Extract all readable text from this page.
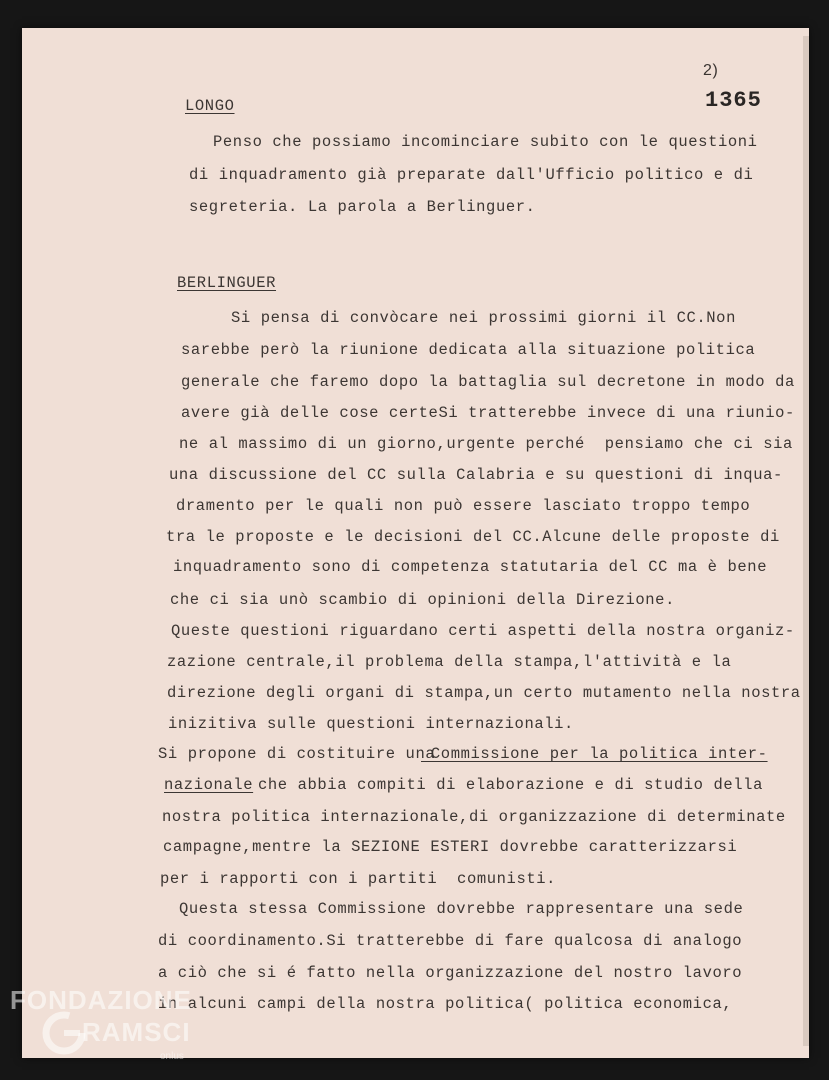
2)
1365
LONGO
Penso che possiamo incominciare subito con le questioni
di inquadramento già preparate dall'Ufficio politico e di
segreteria. La parola a Berlinguer.
BERLINGUER
Si pensa di convòcare nei prossimi giorni il CC.Non
sarebbe però la riunione dedicata alla situazione politica
generale che faremo dopo la battaglia sul decretone in modo da
avere già delle cose certeSi tratterebbe invece di una riunio-
ne al massimo di un giorno,urgente perché  pensiamo che ci sia
una discussione del CC sulla Calabria e su questioni di inqua-
dramento per le quali non può essere lasciato troppo tempo
tra le proposte e le decisioni del CC.Alcune delle proposte di
inquadramento sono di competenza statutaria del CC ma è bene
che ci sia unò scambio di opinioni della Direzione.
Queste questioni riguardano certi aspetti della nostra organiz-
zazione centrale,il problema della stampa,l'attività e la
direzione degli organi di stampa,un certo mutamento nella nostra
inizitiva sulle questioni internazionali.
Si propone di costituire una
Commissione per la politica inter-
nazionale che abbia compiti di elaborazione e di studio della
nostra politica internazionale,di organizzazione di determinate
campagne,mentre la SEZIONE ESTERI dovrebbe caratterizzarsi
per i rapporti con i partiti  comunisti.
Questa stessa Commissione dovrebbe rappresentare una sede
di coordinamento.Si tratterebbe di fare qualcosa di analogo
a ciò che si é fatto nella organizzazione del nostro lavoro
in alcuni campi della nostra politica( politica economica,
FONDAZIONE
RAMSCI
onlus
